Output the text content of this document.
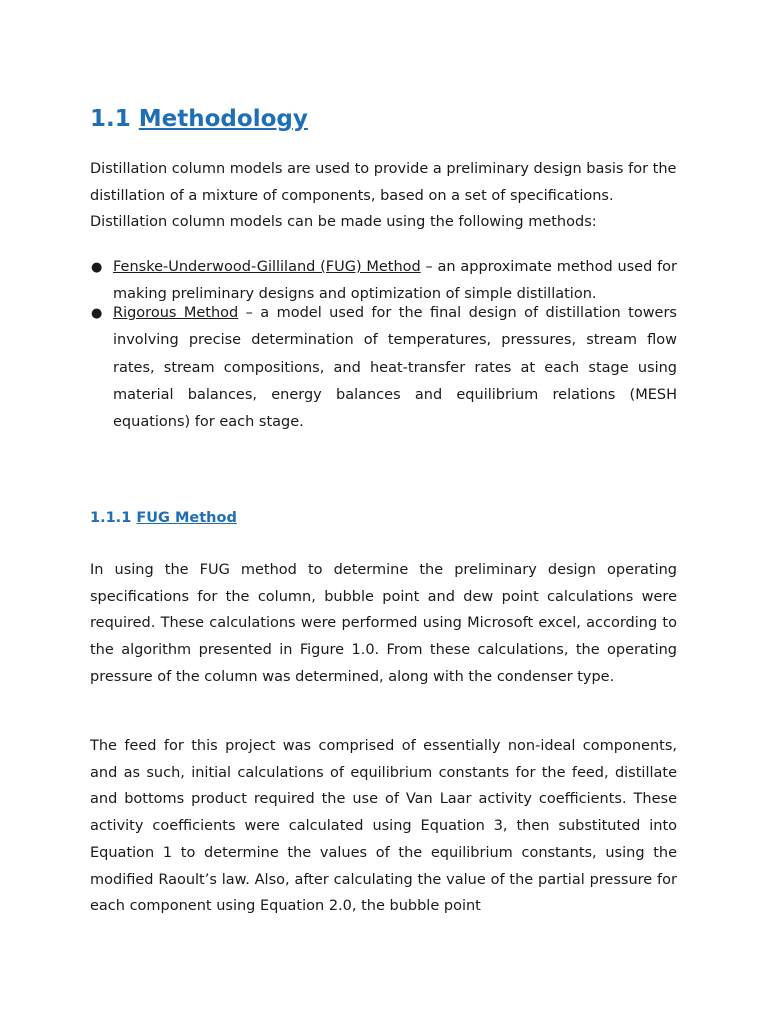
1.1 Methodology

Distillation column models are used to provide a preliminary design basis for the distillation of a mixture of components, based on a set of specifications. Distillation column models can be made using the following methods:

● Fenske-Underwood-Gilliland (FUG) Method – an approximate method used for making preliminary designs and optimization of simple distillation.
● Rigorous Method – a model used for the final design of distillation towers involving precise determination of temperatures, pressures, stream flow rates, stream compositions, and heat-transfer rates at each stage using material balances, energy balances and equilibrium relations (MESH equations) for each stage.
1.1.1 FUG Method

In using the FUG method to determine the preliminary design operating specifications for the column, bubble point and dew point calculations were required. These calculations were performed using Microsoft excel, according to the algorithm presented in Figure 1.0. From these calculations, the operating pressure of the column was determined, along with the condenser type.

The feed for this project was comprised of essentially non-ideal components, and as such, initial calculations of equilibrium constants for the feed, distillate and bottoms product required the use of Van Laar activity coefficients. These activity coefficients were calculated using Equation 3, then substituted into Equation 1 to determine the values of the equilibrium constants, using the modified Raoult’s law. Also, after calculating the value of the partial pressure for each component using Equation 2.0, the bubble point
